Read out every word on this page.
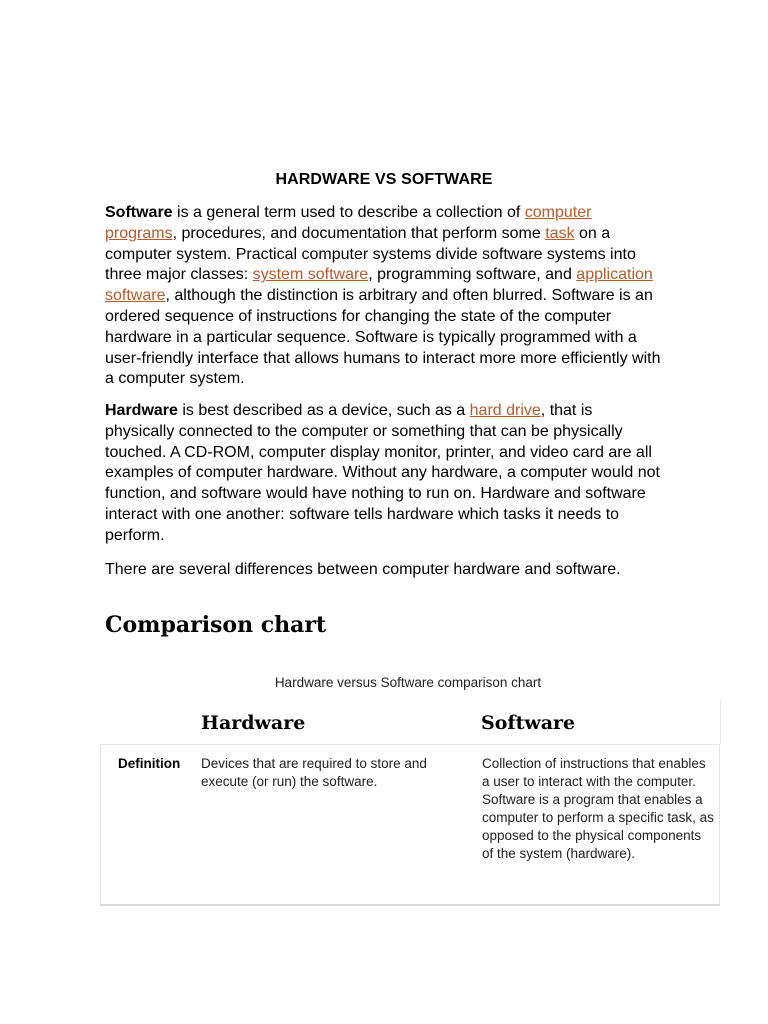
HARDWARE VS SOFTWARE

Software is a general term used to describe a collection of computer programs, procedures, and documentation that perform some task on a computer system. Practical computer systems divide software systems into three major classes: system software, programming software, and application software, although the distinction is arbitrary and often blurred. Software is an ordered sequence of instructions for changing the state of the computer hardware in a particular sequence. Software is typically programmed with a user-friendly interface that allows humans to interact more more efficiently with a computer system.

Hardware is best described as a device, such as a hard drive, that is physically connected to the computer or something that can be physically touched. A CD-ROM, computer display monitor, printer, and video card are all examples of computer hardware. Without any hardware, a computer would not function, and software would have nothing to run on. Hardware and software interact with one another: software tells hardware which tasks it needs to perform.

There are several differences between computer hardware and software.

Comparison chart
Hardware versus Software comparison chart
Hardware	Software
Definition Devices that are required to store and execute (or run) the software.
Collection of instructions that enables a user to interact with the computer. Software is a program that enables a computer to perform a specific task, as opposed to the physical components of the system (hardware).
